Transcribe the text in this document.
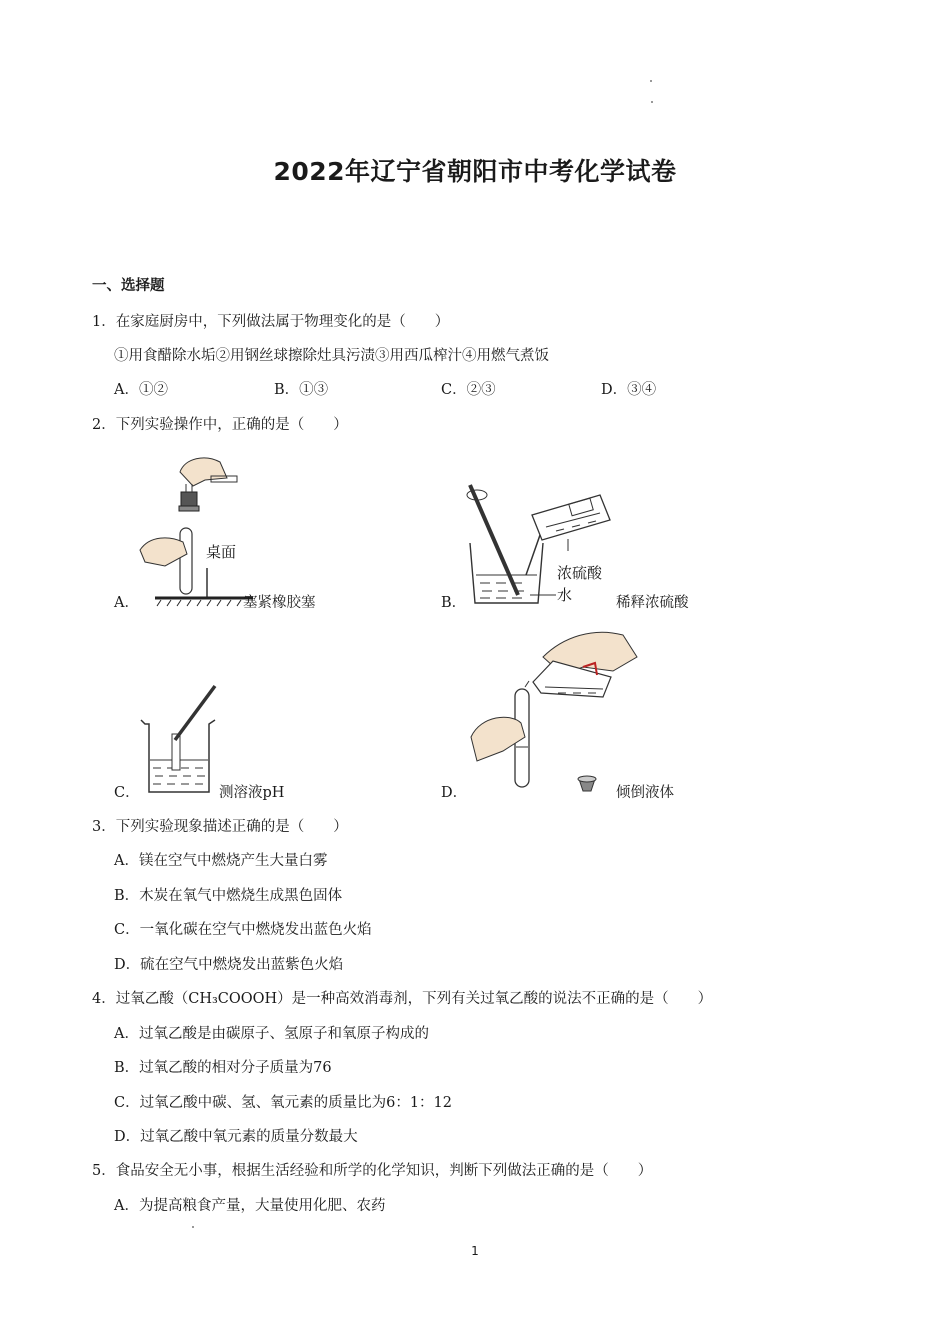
2022年辽宁省朝阳市中考化学试卷
一、选择题
1．在家庭厨房中，下列做法属于物理变化的是（　　）
①用食醋除水垢②用钢丝球擦除灶具污渍③用西瓜榨汁④用燃气煮饭
A．①②	B．①③	C．②③	D．③④
2．下列实验操作中，正确的是（　　）
A．
桌面
塞紧橡胶塞	B．
浓硫酸
水	稀释浓硫酸
C．	测溶液pH	D．	倾倒液体
3．下列实验现象描述正确的是（　　）
A．镁在空气中燃烧产生大量白雾
B．木炭在氧气中燃烧生成黑色固体
C．一氧化碳在空气中燃烧发出蓝色火焰
D．硫在空气中燃烧发出蓝紫色火焰
4．过氧乙酸（CH₃COOOH）是一种高效消毒剂，下列有关过氧乙酸的说法不正确的是（　　）
A．过氧乙酸是由碳原子、氢原子和氧原子构成的
B．过氧乙酸的相对分子质量为76
C．过氧乙酸中碳、氢、氧元素的质量比为6：1：12
D．过氧乙酸中氧元素的质量分数最大
5．食品安全无小事，根据生活经验和所学的化学知识，判断下列做法正确的是（　　）
A．为提高粮食产量，大量使用化肥、农药
1
